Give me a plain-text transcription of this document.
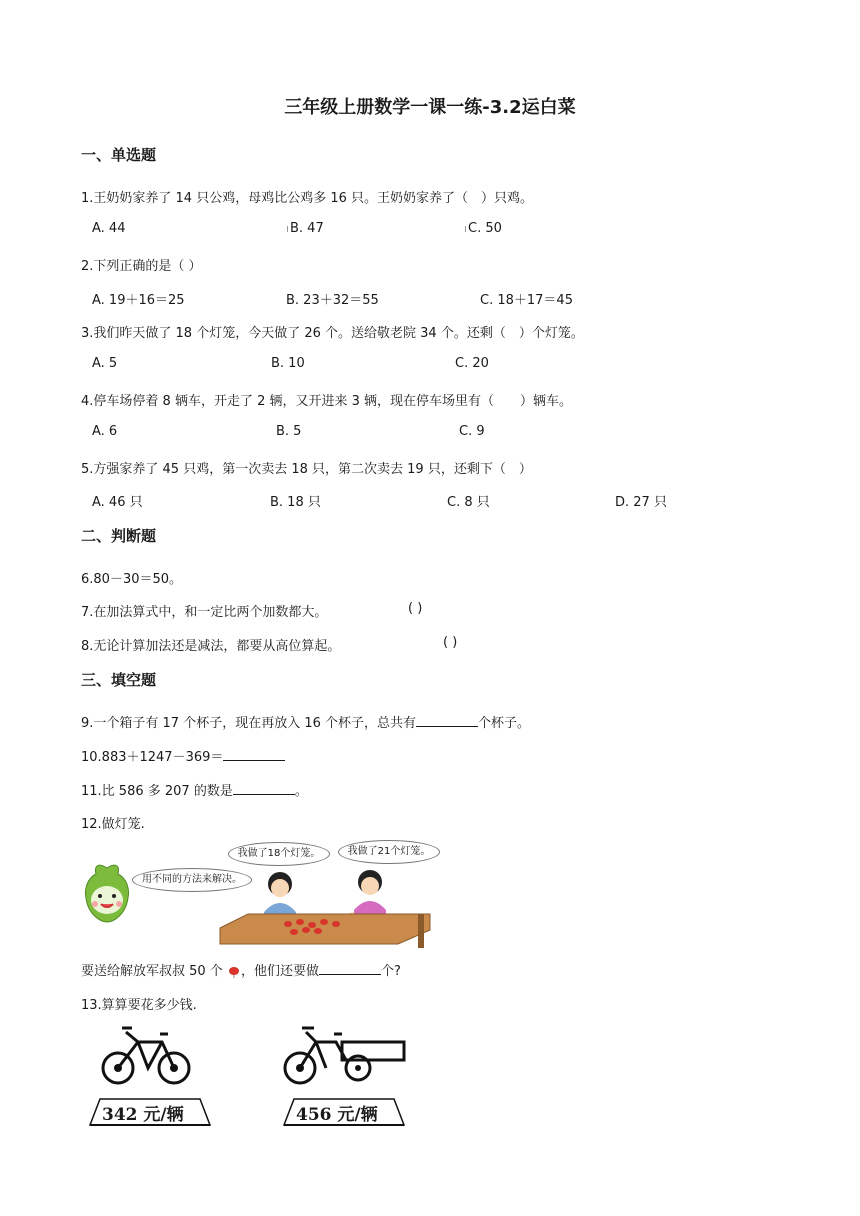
三年级上册数学一课一练-3.2运白菜
一、单选题
1.王奶奶家养了 14 只公鸡，母鸡比公鸡多 16 只。王奶奶家养了（　）只鸡。
A. 44	B. 47	C. 50
2.下列正确的是（ ）
A. 19＋16＝25	B. 23＋32＝55	C. 18＋17＝45
3.我们昨天做了 18 个灯笼，今天做了 26 个。送给敬老院 34 个。还剩（　）个灯笼。
A. 5	B. 10	C. 20
4.停车场停着 8 辆车，开走了 2 辆，又开进来 3 辆，现在停车场里有（　　）辆车。
A. 6	B. 5	C. 9
5.方强家养了 45 只鸡，第一次卖去 18 只，第二次卖去 19 只，还剩下（　）
A. 46 只	B. 18 只	C. 8 只	D. 27 只
二、判断题
6.80－30＝50。
7.在加法算式中，和一定比两个加数都大。	( )
8.无论计算加法还是减法，都要从高位算起。	( )
三、填空题
9.一个箱子有 17 个杯子，现在再放入 16 个杯子，总共有	个杯子。
10.883＋1247－369＝
11.比 586 多 207 的数是	。
12.做灯笼.
用不同的方法来解决。
我做了18个灯笼。	我做了21个灯笼。
要送给解放军叔叔 50 个 ，他们还要做	个?
13.算算要花多少钱.
342 元/辆	456 元/辆
